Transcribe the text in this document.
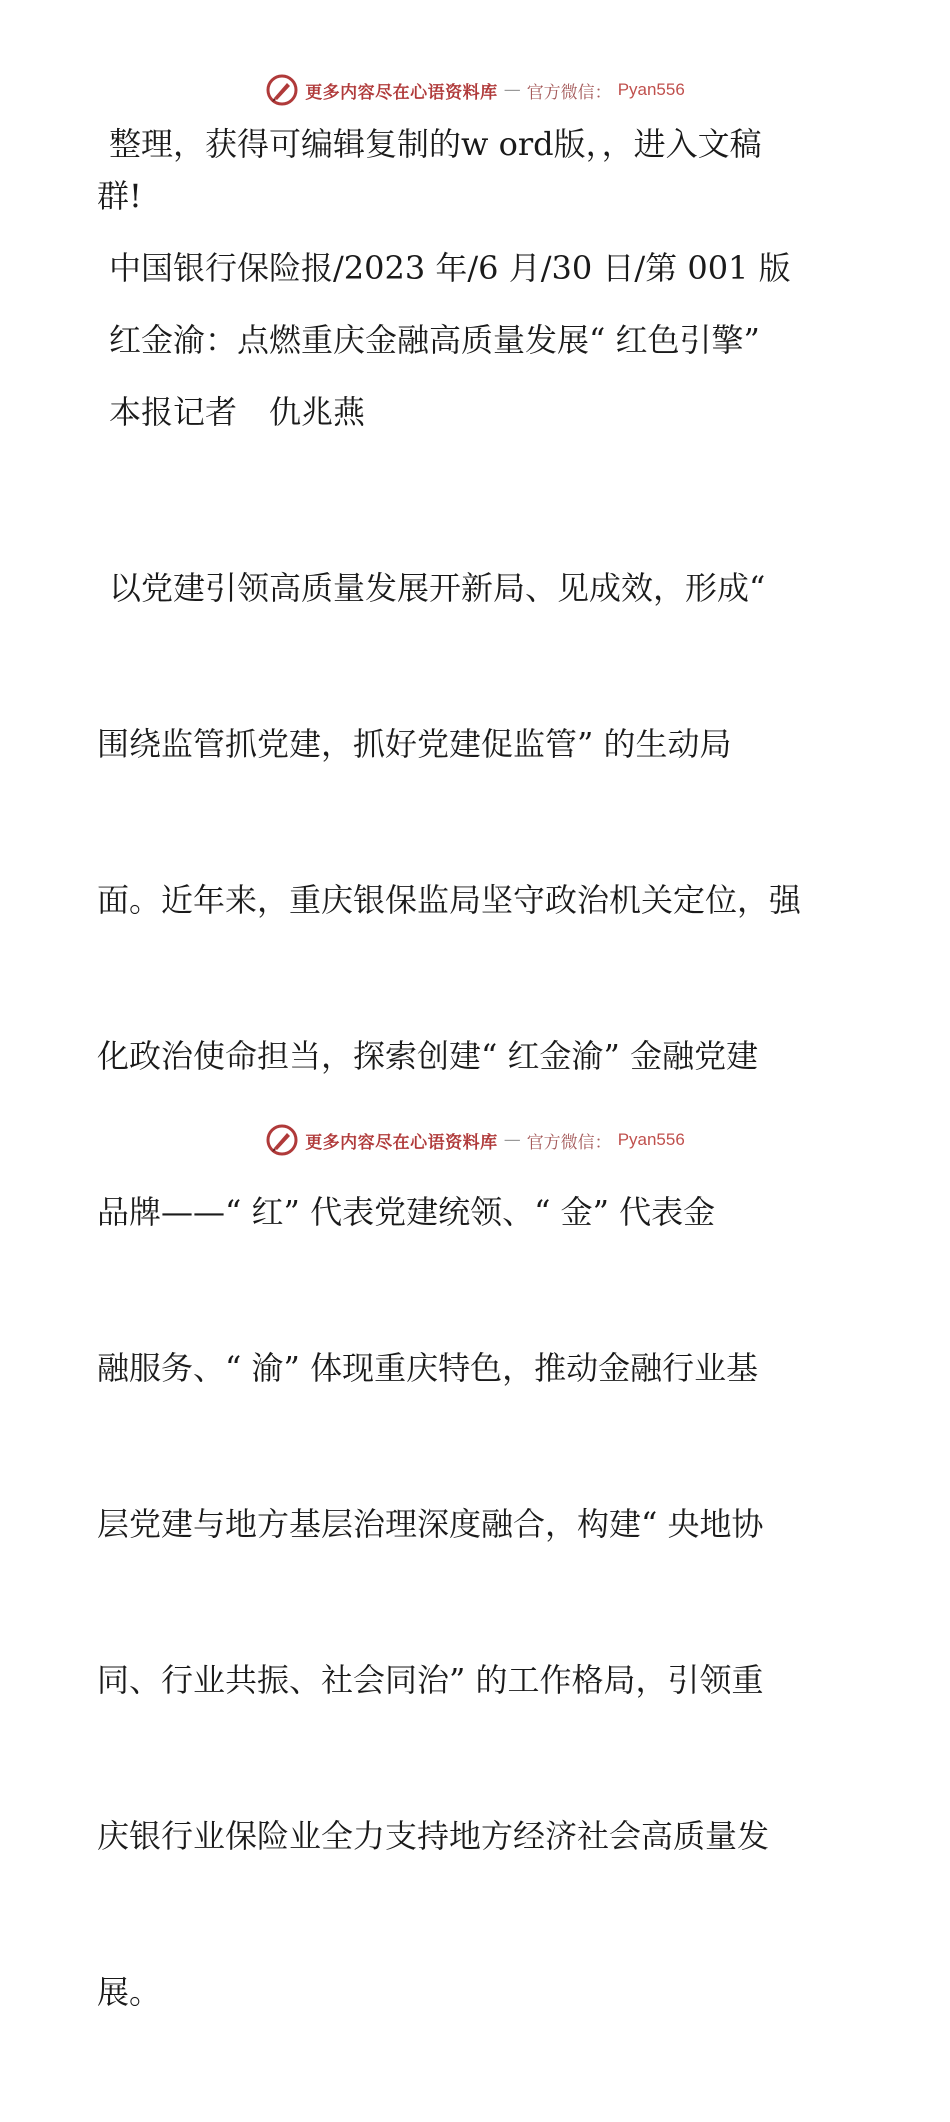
更多内容尽在心语资料库 — 官方微信： Pyan556

整理，获得可编辑复制的w ord版，，进入文稿

群!

中国银行保险报/2023 年/6 月/30 日/第 001 版

红金渝：点燃重庆金融高质量发展“ 红色引擎”

本报记者　仇兆燕

以党建引领高质量发展开新局、见成效，形成“

围绕监管抓党建，抓好党建促监管” 的生动局

面。近年来，重庆银保监局坚守政治机关定位，强

化政治使命担当，探索创建“ 红金渝” 金融党建

品牌——“ 红” 代表党建统领、“ 金” 代表金

融服务、“ 渝” 体现重庆特色，推动金融行业基

层党建与地方基层治理深度融合，构建“ 央地协

同、行业共振、社会同治” 的工作格局，引领重

庆银行业保险业全力支持地方经济社会高质量发

展。

更多内容尽在心语资料库 — 官方微信： Pyan556
